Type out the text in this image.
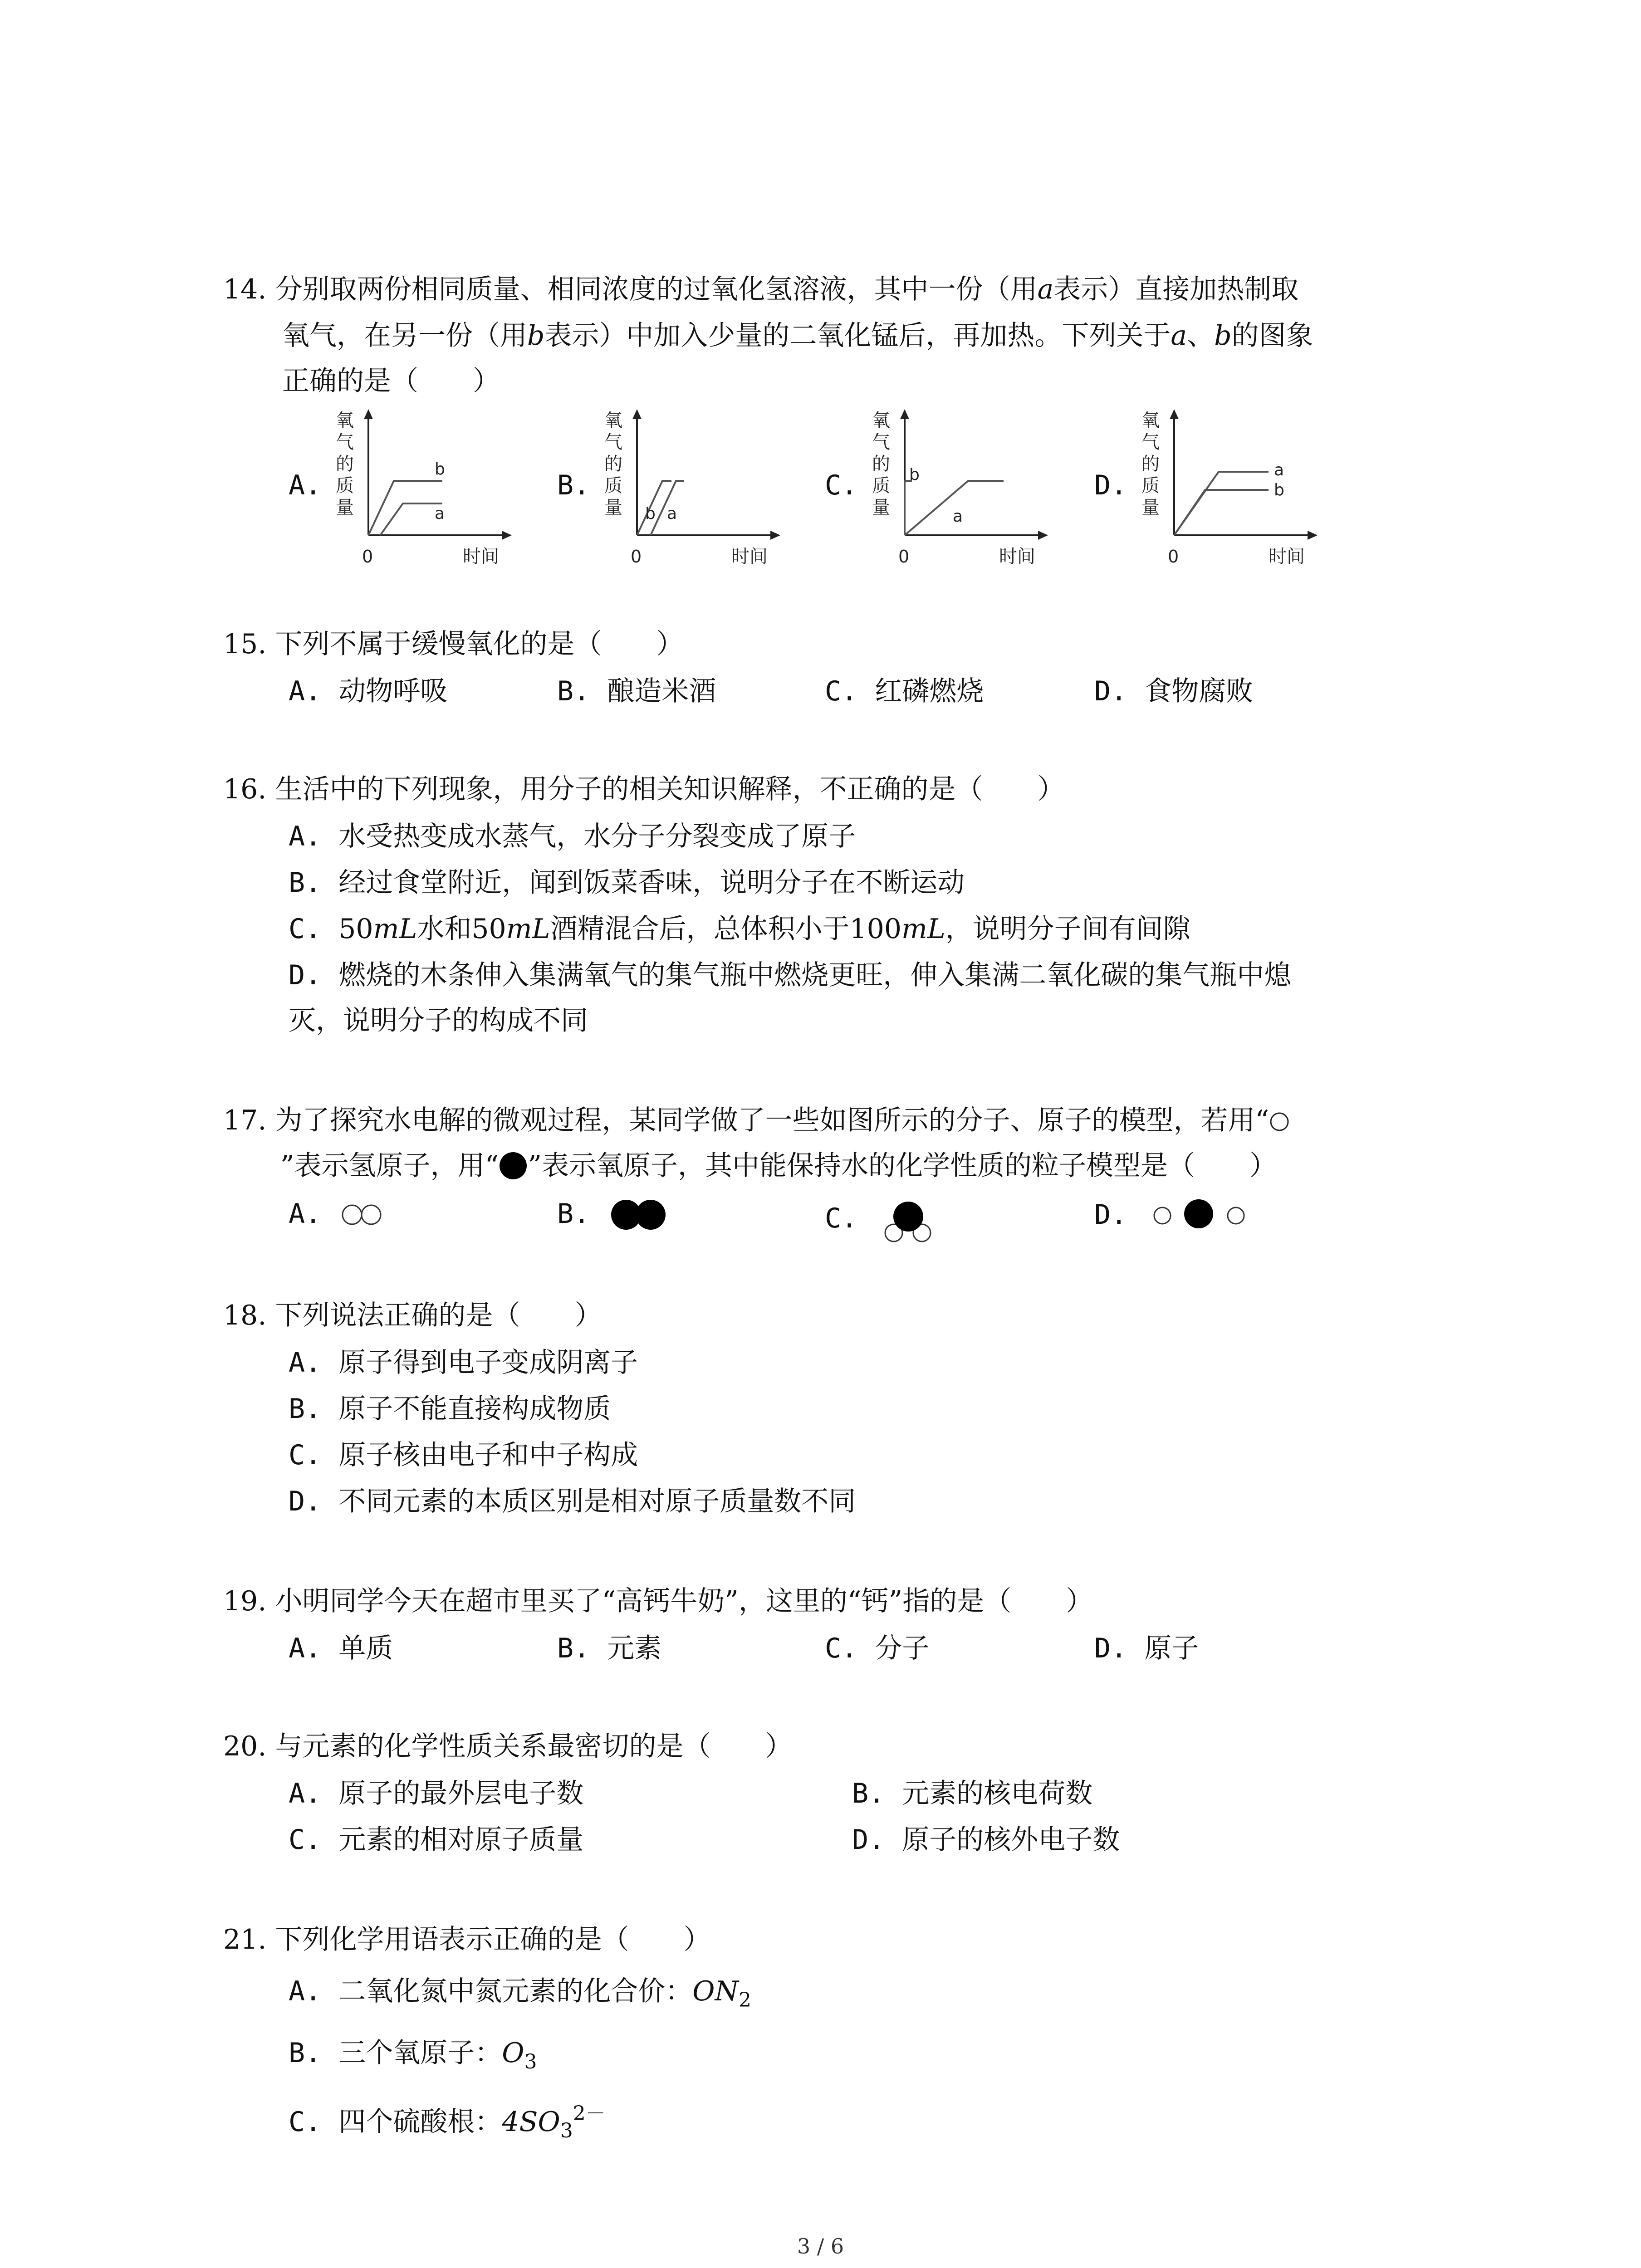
14. 分别取两份相同质量、相同浓度的过氧化氢溶液，其中一份（用a表示）直接加热制取
氧气，在另一份（用b表示）中加入少量的二氧化锰后，再加热。下列关于a、b的图象
正确的是（　　）
A.	B.	C.	D.
氧
气
的
质
量
0	时间
b
a
氧
气
的
质
量
0	时间
b a
氧
气
的
质
量
0	时间
b
a
氧
气
的
质
量
0	时间
a
b
15. 下列不属于缓慢氧化的是（　　）
A. 动物呼吸	B. 酿造米酒	C. 红磷燃烧	D. 食物腐败
16. 生活中的下列现象，用分子的相关知识解释，不正确的是（　　）
A. 水受热变成水蒸气，水分子分裂变成了原子
B. 经过食堂附近，闻到饭菜香味，说明分子在不断运动
C. 50mL水和50mL酒精混合后，总体积小于100mL，说明分子间有间隙
D. 燃烧的木条伸入集满氧气的集气瓶中燃烧更旺，伸入集满二氧化碳的集气瓶中熄
灭，说明分子的构成不同
17. 为了探究水电解的微观过程，某同学做了一些如图所示的分子、原子的模型，若用“
”表示氢原子，用“ ”表示氧原子，其中能保持水的化学性质的粒子模型是（　　）
A.	B.	C.	D.
18. 下列说法正确的是（　　）
A. 原子得到电子变成阴离子
B. 原子不能直接构成物质
C. 原子核由电子和中子构成
D. 不同元素的本质区别是相对原子质量数不同
19. 小明同学今天在超市里买了“高钙牛奶”，这里的“钙”指的是（　　）
A. 单质	B. 元素	C. 分子	D. 原子
20. 与元素的化学性质关系最密切的是（　　）
A. 原子的最外层电子数	B. 元素的核电荷数
C. 元素的相对原子质量	D. 原子的核外电子数
21. 下列化学用语表示正确的是（　　）
A. 二氧化氮中氮元素的化合价：$ON_2$
B. 三个氧原子：$O_3$
C. 四个硫酸根：$4SO_3^{2-}$
3 / 6
